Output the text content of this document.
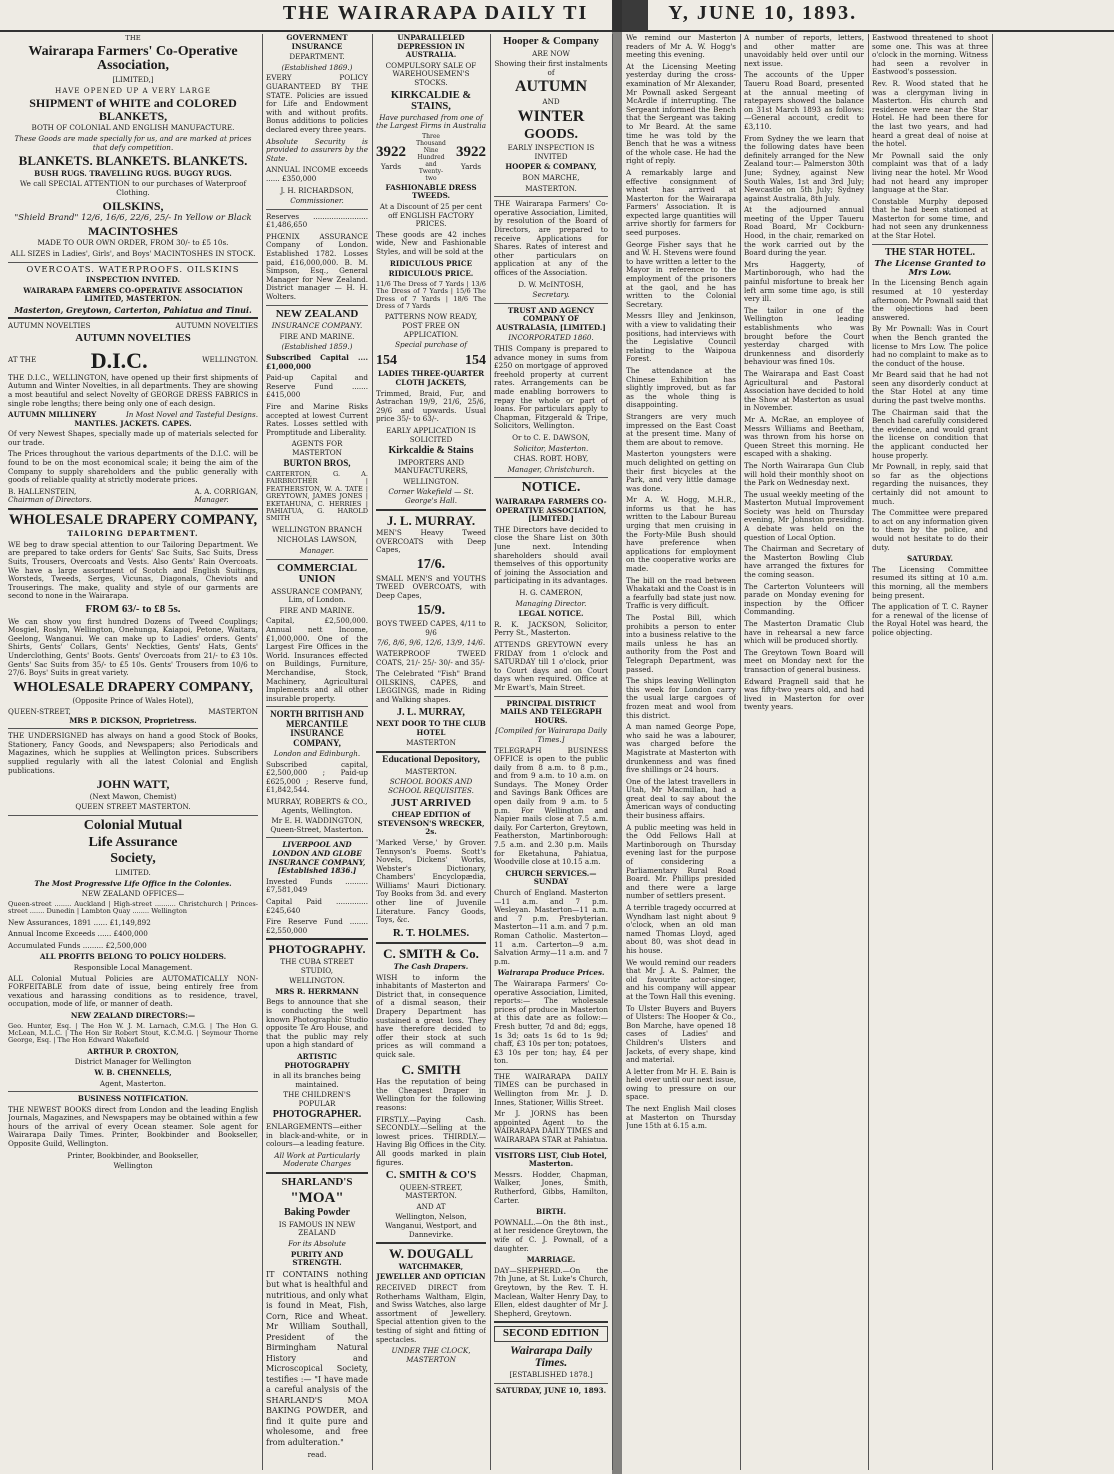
THE WAIRARAPA DAILY TI	Y, JUNE 10, 1893.
THE
Wairarapa Farmers' Co-Operative Association,
[LIMITED,]
HAVE OPENED UP A VERY LARGE
SHIPMENT of WHITE and COLORED BLANKETS,
BOTH OF COLONIAL AND ENGLISH MANUFACTURE.
These Goods are made specially for us, and are marked at prices that defy competition.
BLANKETS. BLANKETS. BLANKETS.
BUSH RUGS. TRAVELLING RUGS. BUGGY RUGS.
We call SPECIAL ATTENTION to our purchases of Waterproof Clothing.
OILSKINS,
"Shield Brand" 12/6, 16/6, 22/6, 25/- In Yellow or Black
MACINTOSHES
MADE TO OUR OWN ORDER, FROM 30/- to £5 10s.
ALL SIZES in Ladies', Girls', and Boys' MACINTOSHES IN STOCK.
OVERCOATS. WATERPROOFS. OILSKINS
INSPECTION INVITED.
WAIRARAPA FARMERS CO-OPERATIVE ASSOCIATION LIMITED, MASTERTON.
Masterton, Greytown, Carterton, Pahiatua and Tinui.
AUTUMN NOVELTIES	AUTUMN NOVELTIES
AUTUMN NOVELTIES
AT THE D.I.C.	WELLINGTON.
THE D.I.C., WELLINGTON, have opened up their first shipments of Autumn and Winter Novelties, in all departments. They are showing a most beautiful and select Novelty of GEORGE DRESS FABRICS in single robe lengths; there being only one of each design.
AUTUMN MILLINERY	In Most Novel and Tasteful Designs.
MANTLES. JACKETS. CAPES.
Of very Newest Shapes, specially made up of materials selected for our trade.
The Prices throughout the various departments of the D.I.C. will be found to be on the most economical scale; it being the aim of the Company to supply shareholders and the public generally with goods of reliable quality at strictly moderate prices.
B. HALLENSTEIN,
Chairman of Directors.
A. A. CORRIGAN,
Manager.
WHOLESALE DRAPERY COMPANY,
TAILORING DEPARTMENT.
WE beg to draw special attention to our Tailoring Department. We are prepared to take orders for Gents' Sac Suits, Sac Suits, Dress Suits, Trousers, Overcoats and Vests. Also Gents' Rain Overcoats. We have a large assortment of Scotch and English Suitings, Worsteds, Tweeds, Serges, Vicunas, Diagonals, Cheviots and Trouserings. The make, quality and style of our garments are second to none in the Wairarapa.
FROM 63/- to £8 5s.
We can show you first hundred Dozens of Tweed Couplings; Mosgiel, Roslyn, Wellington, Onehunga, Kaiapoi, Petone, Waitara, Geelong, Wanganui. We can make up to Ladies' orders. Gents' Shirts, Gents' Collars, Gents' Neckties, Gents' Hats, Gents' Underclothing, Gents' Boots. Gents' Overcoats from 21/- to £3 10s. Gents' Sac Suits from 35/- to £5 10s. Gents' Trousers from 10/6 to 27/6. Boys' Suits in great variety.
WHOLESALE DRAPERY COMPANY,
(Opposite Prince of Wales Hotel),
QUEEN-STREET,	MASTERTON
MRS P. DICKSON, Proprietress.
THE UNDERSIGNED has always on hand a good Stock of Books, Stationery, Fancy Goods, and Newspapers; also Periodicals and Magazines, which he supplies at Wellington prices. Subscribers supplied regularly with all the latest Colonial and English publications.
JOHN WATT,
(Next Mawon, Chemist)
QUEEN STREET MASTERTON.
Colonial Mutual
Life Assurance
Society,
LIMITED.
The Most Progressive Life Office in the Colonies.
NEW ZEALAND OFFICES—
Queen-street ........ Auckland | High-street .......... Christchurch | Princes-street ....... Dunedin | Lambton Quay ........ Wellington
New Assurances, 1891 ...... £1,149,892
Annual Income Exceeds ...... £400,000
Accumulated Funds ......... £2,500,000
ALL PROFITS BELONG TO POLICY HOLDERS.
Responsible Local Management.
ALL Colonial Mutual Policies are AUTOMATICALLY NON-FORFEITABLE from date of issue, being entirely free from vexatious and harassing conditions as to residence, travel, occupation, mode of life, or manner of death.
NEW ZEALAND DIRECTORS:—
Geo. Hunter, Esq. | The Hon W. J. M. Larnach, C.M.G. | The Hon G. McLean, M.L.C. | The Hon Sir Robert Stout, K.C.M.G. | Seymour Thorne George, Esq. | The Hon Edward Wakefield
ARTHUR P. CROXTON,
District Manager for Wellington
W. B. CHENNELLS,
Agent, Masterton.
BUSINESS NOTIFICATION.
THE NEWEST BOOKS direct from London and the leading English Journals, Magazines, and Newspapers may be obtained within a few hours of the arrival of every Ocean steamer. Sole agent for Wairarapa Daily Times. Printer, Bookbinder and Bookseller, Opposite Guild, Wellington.
Printer, Bookbinder, and Bookseller,
Wellington
GOVERNMENT INSURANCE
DEPARTMENT.
(Established 1869.)
EVERY POLICY GUARANTEED BY THE STATE. Policies are issued for Life and Endowment with and without profits. Bonus additions to policies declared every three years.
Absolute Security is provided to assurers by the State.
ANNUAL INCOME exceeds ...... £350,000
J. H. RICHARDSON,
Commissioner.
Reserves ........................ £1,486,650
PHŒNIX ASSURANCE Company of London. Established 1782. Losses paid, £16,000,000. B. M. Simpson, Esq., General Manager for New Zealand. District manager — H. H. Wolters.
NEW ZEALAND
INSURANCE COMPANY.
FIRE AND MARINE.
(Established 1859.)
Subscribed Capital .... £1,000,000
Paid-up Capital and Reserve Fund ....... £415,000
Fire and Marine Risks accepted at lowest Current Rates. Losses settled with Promptitude and Liberality.
AGENTS FOR MASTERTON
BURTON BROS,
CARTERTON, G. A. FAIRBROTHER | FEATHERSTON, W. A. TATE | GREYTOWN, JAMES JONES | EKETAHUNA, C. HERRIES | PAHIATUA, G. HAROLD SMITH
WELLINGTON BRANCH
NICHOLAS LAWSON,
Manager.
COMMERCIAL UNION
ASSURANCE COMPANY, Lim, of London.
FIRE AND MARINE.
Capital, £2,500,000. Annual nett Income, £1,000,000. One of the Largest Fire Offices in the World. Insurances effected on Buildings, Furniture, Merchandise, Stock, Machinery, Agricultural Implements and all other insurable property.
NORTH BRITISH AND MERCANTILE INSURANCE COMPANY,
London and Edinburgh.
Subscribed capital, £2,500,000 ; Paid-up £625,000 ; Reserve fund, £1,842,544.
MURRAY, ROBERTS & CO., Agents, Wellington.
Mr E. H. WADDINGTON, Queen-Street, Masterton.
LIVERPOOL AND LONDON AND GLOBE INSURANCE COMPANY, [Established 1836.]
Invested Funds .......... £7,581,049
Capital Paid .............. £245,640
Fire Reserve Fund ........ £2,550,000
PHOTOGRAPHY.
THE CUBA STREET STUDIO,
WELLINGTON.
MRS R. HERRMANN
Begs to announce that she is conducting the well known Photographic Studio opposite Te Aro House, and that the public may rely upon a high standard of
ARTISTIC PHOTOGRAPHY
in all its branches being maintained.
THE CHILDREN'S POPULAR
PHOTOGRAPHER.
ENLARGEMENTS—either in black-and-white, or in colours—a leading feature.
All Work at Particularly Moderate Charges
SHARLAND'S
"MOA"
Baking Powder
IS FAMOUS IN NEW ZEALAND
For its Absolute
PURITY AND STRENGTH.
IT CONTAINS nothing but what is healthful and nutritious, and only what is found in Meat, Fish, Corn, Rice and Wheat. Mr William Southall, President of the Birmingham Natural History and Microscopical Society, testifies :— "I have made a careful analysis of the SHARLAND'S MOA BAKING POWDER, and find it quite pure and wholesome, and free from adulteration."
read.
UNPARALLELED DEPRESSION IN AUSTRALIA.
COMPULSORY SALE OF WAREHOUSEMEN'S STOCKS.
KIRKCALDIE & STAINS,
Have purchased from one of the Largest Firms in Australia
3922
Yards
Three Thousand Nine Hundred and Twenty-two
3922
Yards
FASHIONABLE DRESS TWEEDS.
At a Discount of 25 per cent off ENGLISH FACTORY PRICES.
These goods are 42 inches wide, New and Fashionable Styles, and will be sold at the
RIDICULOUS PRICE
RIDICULOUS PRICE.
11/6 The Dress of 7 Yards | 13/6 The Dress of 7 Yards | 15/6 The Dress of 7 Yards | 18/6 The Dress of 7 Yards
PATTERNS NOW READY, POST FREE ON APPLICATION.
Special purchase of
154	154
LADIES THREE-QUARTER CLOTH JACKETS,
Trimmed, Braid, Fur, and Astrachan 19/9, 21/6, 25/6, 29/6 and upwards. Usual price 35/- to 63/-.
EARLY APPLICATION IS SOLICITED
Kirkcaldie & Stains
IMPORTERS AND MANUFACTURERS,
WELLINGTON.
Corner Wakefield — St. George's Hall.
J. L. MURRAY.
MEN'S Heavy Tweed OVERCOATS with Deep Capes,
17/6.
SMALL MEN'S and YOUTHS TWEED OVERCOATS, with Deep Capes,
15/9.
BOYS TWEED CAPES, 4/11 to 9/6
7/6, 8/6, 9/6, 12/6, 13/9, 14/6.
WATERPROOF TWEED COATS, 21/- 25/- 30/- and 35/-
The Celebrated "Fish" Brand OILSKINS, CAPES, and LEGGINGS, made in Riding and Walking shapes.
J. L. MURRAY,
NEXT DOOR TO THE CLUB HOTEL
MASTERTON
Educational Depository,
MASTERTON.
SCHOOL BOOKS AND SCHOOL REQUISITES.
JUST ARRIVED
CHEAP EDITION of STEVENSON'S WRECKER, 2s.
'Marked Verse,' by Grover. Tennyson's Poems. Scott's Novels, Dickens' Works, Webster's Dictionary, Chambers' Encyclopædia, Williams' Mauri Dictionary. Toy Books from 3d. and every other line of Juvenile Literature. Fancy Goods, Toys, &c.
R. T. HOLMES.
C. SMITH & Co.
The Cash Drapers.
WISH to inform the inhabitants of Masterton and District that, in consequence of a dismal season, their Drapery Department has sustained a great loss. They have therefore decided to offer their stock at such prices as will command a quick sale.
C. SMITH
Has the reputation of being the Cheapest Draper in Wellington for the following reasons:
FIRSTLY.—Paying Cash. SECONDLY.—Selling at the lowest prices. THIRDLY.—Having Big Offices in the City. All goods marked in plain figures.
C. SMITH & CO'S
QUEEN-STREET, MASTERTON.
AND AT
Wellington, Nelson, Wanganui, Westport, and Dannevirke.
W. DOUGALL
WATCHMAKER,
JEWELLER AND OPTICIAN
RECEIVED DIRECT from Rotherhams Waltham, Elgin, and Swiss Watches, also large assortment of Jewellery. Special attention given to the testing of sight and fitting of spectacles.
UNDER THE CLOCK, MASTERTON
Hooper & Company
ARE NOW
Showing their first instalments of
AUTUMN
AND
WINTER
GOODS.
EARLY INSPECTION IS INVITED
HOOPER & COMPANY,
BON MARCHE,
MASTERTON.
THE Wairarapa Farmers' Co-operative Association, Limited, by resolution of the Board of Directors, are prepared to receive Applications for Shares. Rates of interest and other particulars on application at any of the offices of the Association.
D. W. McINTOSH,
Secretary.
TRUST AND AGENCY COMPANY OF AUSTRALASIA, [LIMITED.]
INCORPORATED 1860.
THIS Company is prepared to advance money in sums from £250 on mortgage of approved freehold property at current rates. Arrangements can be made enabling borrowers to repay the whole or part of loans. For particulars apply to Chapman, Fitzgerald & Tripe, Solicitors, Wellington.
Or to C. E. DAWSON,
Solicitor, Masterton.
CHAS. ROBT. HOBY,
Manager, Christchurch.
NOTICE.
WAIRARAPA FARMERS CO-OPERATIVE ASSOCIATION, [LIMITED.]
THE Directors have decided to close the Share List on 30th June next. Intending shareholders should avail themselves of this opportunity of joining the Association and participating in its advantages.
H. G. CAMERON,
Managing Director.
LEGAL NOTICE.
R. K. JACKSON, Solicitor, Perry St., Masterton.
ATTENDS GREYTOWN every FRIDAY from 1 o'clock and SATURDAY till 1 o'clock, prior to Court days and on Court days when required. Office at Mr Ewart's, Main Street.
PRINCIPAL DISTRICT MAILS AND TELEGRAPH HOURS.
[Compiled for Wairarapa Daily Times.]
TELEGRAPH BUSINESS OFFICE is open to the public daily from 8 a.m. to 8 p.m., and from 9 a.m. to 10 a.m. on Sundays. The Money Order and Savings Bank Offices are open daily from 9 a.m. to 5 p.m. For Wellington and Napier mails close at 7.5 a.m. daily. For Carterton, Greytown, Featherston, Martinborough: 7.5 a.m. and 2.30 p.m. Mails for Eketahuna, Pahiatua, Woodville close at 10.15 a.m.
CHURCH SERVICES.—SUNDAY
Church of England. Masterton—11 a.m. and 7 p.m. Wesleyan. Masterton—11 a.m. and 7 p.m. Presbyterian. Masterton—11 a.m. and 7 p.m. Roman Catholic. Masterton—11 a.m. Carterton—9 a.m. Salvation Army—11 a.m. and 7 p.m.
Wairarapa Produce Prices.
The Wairarapa Farmers' Co-operative Association, Limited, reports:— The wholesale prices of produce in Masterton at this date are as follow:—Fresh butter, 7d and 8d; eggs, 1s 3d; oats 1s 6d to 1s 9d; chaff, £3 10s per ton; potatoes, £3 10s per ton; hay, £4 per ton.
THE WAIRARAPA DAILY TIMES can be purchased in Wellington from Mr. J. D. Innes, Stationer, Willis Street.
Mr J. JORNS has been appointed Agent to the WAIRARAPA DAILY TIMES and WAIRARAPA STAR at Pahiatua.
VISITORS LIST, Club Hotel, Masterton.
Messrs. Hodder, Chapman, Walker, Jones, Smith, Rutherford, Gibbs, Hamilton, Carter.
BIRTH.
POWNALL.—On the 8th inst., at her residence Greytown, the wife of C. J. Pownall, of a daughter.
MARRIAGE.
DAY—SHEPHERD.—On the 7th June, at St. Luke's Church, Greytown, by the Rev. T. H. Maclean, Walter Henry Day, to Ellen, eldest daughter of Mr J. Shepherd, Greytown.
SECOND EDITION
Wairarapa Daily Times.
[ESTABLISHED 1878.]
SATURDAY, JUNE 10, 1893.
We remind our Masterton readers of Mr A. W. Hogg's meeting this evening.
At the Licensing Meeting yesterday during the cross-examination of Mr Alexander, Mr Pownall asked Sergeant McArdle if interrupting. The Sergeant informed the Bench that the Sergeant was taking to Mr Beard. At the same time he was told by the Bench that he was a witness of the whole case. He had the right of reply.
A remarkably large and effective consignment of wheat has arrived at Masterton for the Wairarapa Farmers' Association. It is expected large quantities will arrive shortly for farmers for seed purposes.
George Fisher says that he and W. H. Stevens were found to have written a letter to the Mayor in reference to the employment of the prisoners at the gaol, and he has written to the Colonial Secretary.
Messrs Illey and Jenkinson, with a view to validating their positions, had interviews with the Legislative Council relating to the Waipoua Forest.
The attendance at the Chinese Exhibition has slightly improved, but as far as the whole thing is disappointing.
Strangers are very much impressed on the East Coast at the present time. Many of them are about to remove.
Masterton youngsters were much delighted on getting on their first bicycles at the Park, and very little damage was done.
Mr A. W. Hogg, M.H.R., informs us that he has written to the Labour Bureau urging that men cruising in the Forty-Mile Bush should have preference when applications for employment on the cooperative works are made.
The bill on the road between Whakataki and the Coast is in a fearfully bad state just now. Traffic is very difficult.
The Postal Bill, which prohibits a person to enter into a business relative to the mails unless he has an authority from the Post and Telegraph Department, was passed.
The ships leaving Wellington this week for London carry the usual large cargoes of frozen meat and wool from this district.
A man named George Pope, who said he was a labourer, was charged before the Magistrate at Masterton with drunkenness and was fined five shillings or 24 hours.
One of the latest travellers in Utah, Mr Macmillan, had a great deal to say about the American ways of conducting their business affairs.
A public meeting was held in the Odd Fellows Hall at Martinborough on Thursday evening last for the purpose of considering a Parliamentary Rural Road Board. Mr. Phillips presided and there were a large number of settlers present.
A terrible tragedy occurred at Wyndham last night about 9 o'clock, when an old man named Thomas Lloyd, aged about 80, was shot dead in his house.
We would remind our readers that Mr J. A. S. Palmer, the old favourite actor-singer, and his company will appear at the Town Hall this evening.
To Ulster Buyers and Buyers of Ulsters: The Hooper & Co., Bon Marche, have opened 18 cases of Ladies' and Children's Ulsters and Jackets, of every shape, kind and material.
A letter from Mr H. E. Bain is held over until our next issue, owing to pressure on our space.
The next English Mail closes at Masterton on Thursday June 15th at 6.15 a.m.
A number of reports, letters, and other matter are unavoidably held over until our next issue.
The accounts of the Upper Taueru Road Board, presented at the annual meeting of ratepayers showed the balance on 31st March 1893 as follows:—General account, credit to £3,110.
From Sydney the we learn that the following dates have been definitely arranged for the New Zealand tour:— Palmerston 30th June; Sydney, against New South Wales, 1st and 3rd July; Newcastle on 5th July; Sydney against Australia, 8th July.
At the adjourned annual meeting of the Upper Taueru Road Board, Mr Cockburn-Hood, in the chair, remarked on the work carried out by the Board during the year.
Mrs Haggerty, of Martinborough, who had the painful misfortune to break her left arm some time ago, is still very ill.
The tailor in one of the Wellington leading establishments who was brought before the Court yesterday charged with drunkenness and disorderly behaviour was fined 10s.
The Wairarapa and East Coast Agricultural and Pastoral Association have decided to hold the Show at Masterton as usual in November.
Mr A. McRae, an employee of Messrs Williams and Beetham, was thrown from his horse on Queen Street this morning. He escaped with a shaking.
The North Wairarapa Gun Club will hold their monthly shoot on the Park on Wednesday next.
The usual weekly meeting of the Masterton Mutual Improvement Society was held on Thursday evening, Mr Johnston presiding. A debate was held on the question of Local Option.
The Chairman and Secretary of the Masterton Bowling Club have arranged the fixtures for the coming season.
The Carterton Volunteers will parade on Monday evening for inspection by the Officer Commanding.
The Masterton Dramatic Club have in rehearsal a new farce which will be produced shortly.
The Greytown Town Board will meet on Monday next for the transaction of general business.
Edward Pragnell said that he was fifty-two years old, and had lived in Masterton for over twenty years.
Eastwood threatened to shoot some one. This was at three o'clock in the morning. Witness had seen a revolver in Eastwood's possession.
Rev. R. Wood stated that he was a clergyman living in Masterton. His church and residence were near the Star Hotel. He had been there for the last two years, and had heard a great deal of noise at the hotel.
Mr Pownall said the only complaint was that of a lady living near the hotel. Mr Wood had not heard any improper language at the Star.
Constable Murphy deposed that he had been stationed at Masterton for some time, and had not seen any drunkenness at the Star Hotel.
THE STAR HOTEL.
The License Granted to Mrs Low.
In the Licensing Bench again resumed at 10 yesterday afternoon. Mr Pownall said that the objections had been answered.
By Mr Pownall: Was in Court when the Bench granted the license to Mrs Low. The police had no complaint to make as to the conduct of the house.
Mr Beard said that he had not seen any disorderly conduct at the Star Hotel at any time during the past twelve months.
The Chairman said that the Bench had carefully considered the evidence, and would grant the license on condition that the applicant conducted her house properly.
Mr Pownall, in reply, said that so far as the objections regarding the nuisances, they certainly did not amount to much.
The Committee were prepared to act on any information given to them by the police, and would not hesitate to do their duty.
SATURDAY.
The Licensing Committee resumed its sitting at 10 a.m. this morning, all the members being present.
The application of T. C. Rayner for a renewal of the license of the Royal Hotel was heard, the police objecting.
